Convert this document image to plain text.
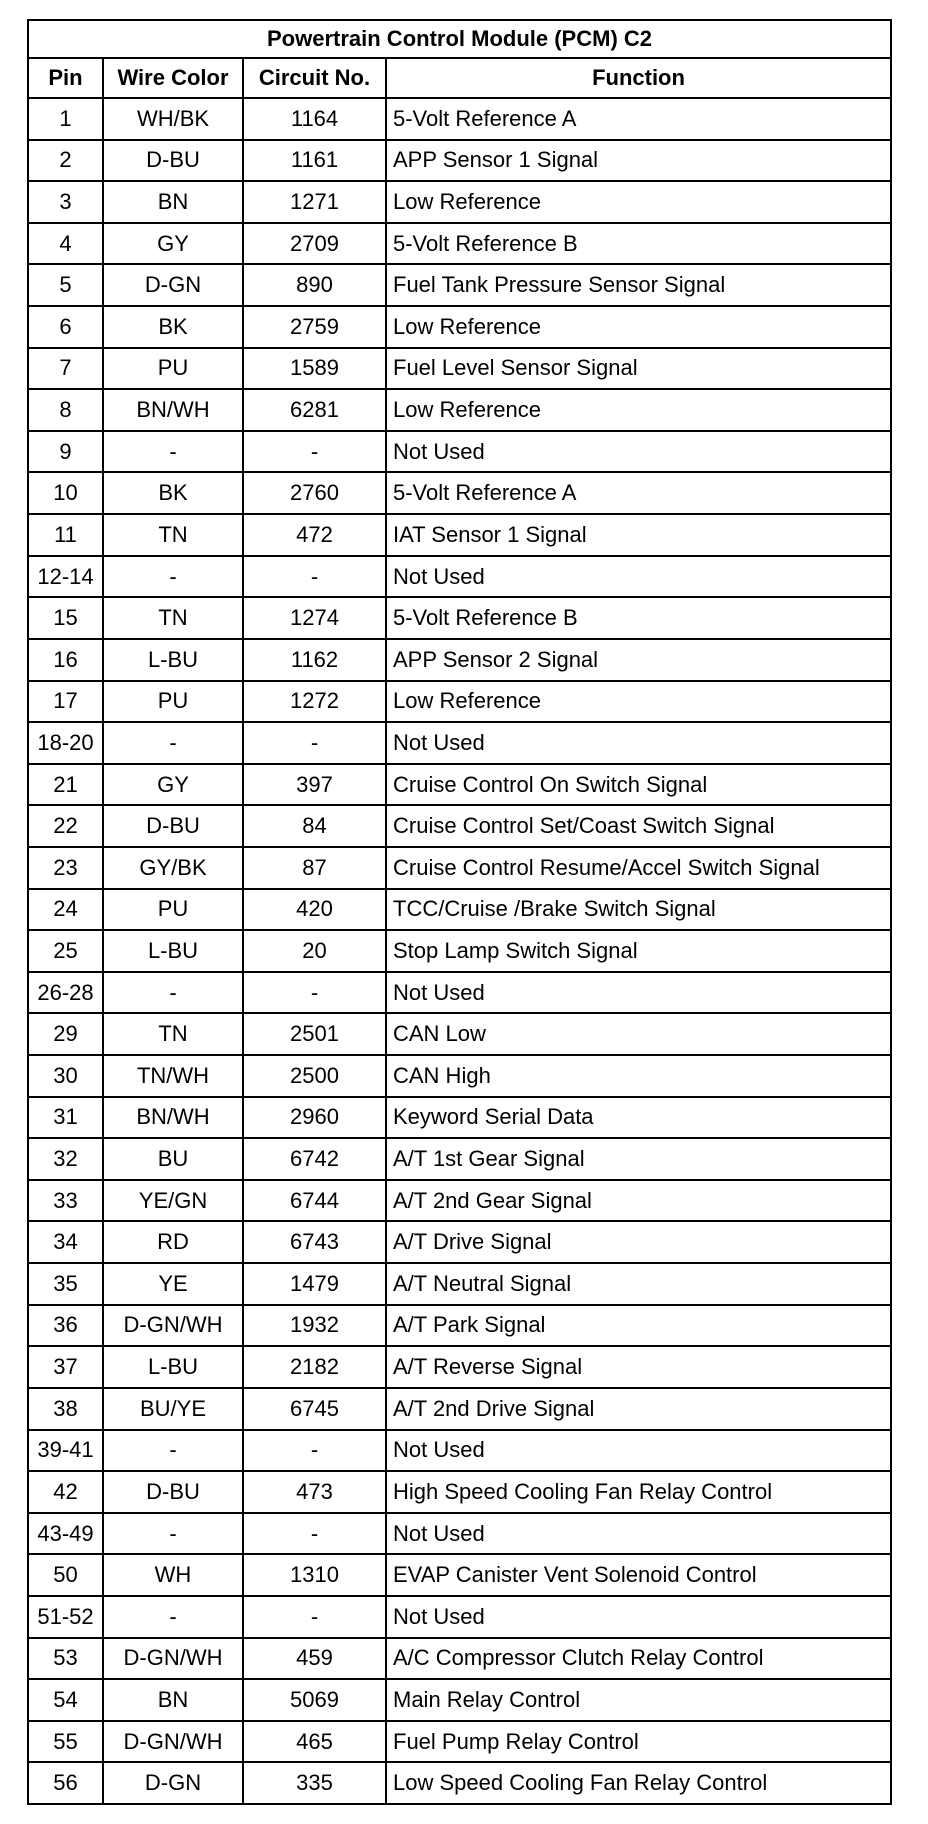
Powertrain Control Module (PCM) C2			
Pin	Wire Color	Circuit No.	Function
1	WH/BK	1164	5-Volt Reference A
2	D-BU	1161	APP Sensor 1 Signal
3	BN	1271	Low Reference
4	GY	2709	5-Volt Reference B
5	D-GN	890	Fuel Tank Pressure Sensor Signal
6	BK	2759	Low Reference
7	PU	1589	Fuel Level Sensor Signal
8	BN/WH	6281	Low Reference
9	-	-	Not Used
10	BK	2760	5-Volt Reference A
11	TN	472	IAT Sensor 1 Signal
12-14	-	-	Not Used
15	TN	1274	5-Volt Reference B
16	L-BU	1162	APP Sensor 2 Signal
17	PU	1272	Low Reference
18-20	-	-	Not Used
21	GY	397	Cruise Control On Switch Signal
22	D-BU	84	Cruise Control Set/Coast Switch Signal
23	GY/BK	87	Cruise Control Resume/Accel Switch Signal
24	PU	420	TCC/Cruise /Brake Switch Signal
25	L-BU	20	Stop Lamp Switch Signal
26-28	-	-	Not Used
29	TN	2501	CAN Low
30	TN/WH	2500	CAN High
31	BN/WH	2960	Keyword Serial Data
32	BU	6742	A/T 1st Gear Signal
33	YE/GN	6744	A/T 2nd Gear Signal
34	RD	6743	A/T Drive Signal
35	YE	1479	A/T Neutral Signal
36	D-GN/WH	1932	A/T Park Signal
37	L-BU	2182	A/T Reverse Signal
38	BU/YE	6745	A/T 2nd Drive Signal
39-41	-	-	Not Used
42	D-BU	473	High Speed Cooling Fan Relay Control
43-49	-	-	Not Used
50	WH	1310	EVAP Canister Vent Solenoid Control
51-52	-	-	Not Used
53	D-GN/WH	459	A/C Compressor Clutch Relay Control
54	BN	5069	Main Relay Control
55	D-GN/WH	465	Fuel Pump Relay Control
56	D-GN	335	Low Speed Cooling Fan Relay Control
